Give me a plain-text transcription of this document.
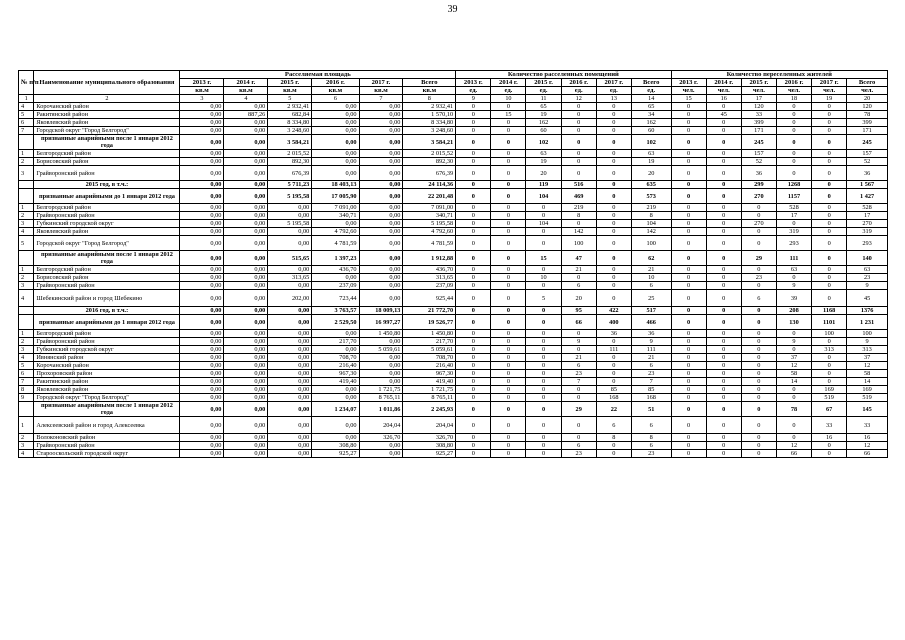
39
№ п/п	Наименование муниципального образования	Расселяемая площадь						Количество расселенных помещений						Количество переселенных жителей					
		2013 г.	2014 г.	2015 г.	2016 г.	2017 г.	Всего	2013 г.	2014 г.	2015 г.	2016 г.	2017 г.	Всего	2013 г.	2014 г.	2015 г.	2016 г.	2017 г.	Всего
		кв.м	кв.м	кв.м	кв.м	кв.м	кв.м	ед.	ед.	ед.	ед.	ед.	ед.	чел.	чел.	чел.	чел.	чел.	чел.
1	2	3	4	5	6	7	8	9	10	11	12	13	14	15	16	17	18	19	20
4	Корочанский район	0,00	0,00	2 932,41	0,00	0,00	2 932,41	0	0	65	0	0	65	0	0	120	0	0	120
5	Ракитянский район	0,00	887,26	682,84	0,00	0,00	1 570,10	0	15	19	0	0	34	0	45	33	0	0	78
6	Яковлевский район	0,00	0,00	8 334,80	0,00	0,00	8 334,80	0	0	162	0	0	162	0	0	399	0	0	399
7	Городской округ "Город Белгород"	0,00	0,00	3 248,60	0,00	0,00	3 248,60	0	0	60	0	0	60	0	0	171	0	0	171
	признанные аварийными после 1 января 2012 года	0,00	0,00	3 584,21	0,00	0,00	3 584,21	0	0	102	0	0	102	0	0	245	0	0	245
1	Белгородский район	0,00	0,00	2 015,52	0,00	0,00	2 015,52	0	0	63	0	0	63	0	0	157	0	0	157
2	Борисовский район	0,00	0,00	892,30	0,00	0,00	892,30	0	0	19	0	0	19	0	0	52	0	0	52
3	Грайворонский район	0,00	0,00	676,39	0,00	0,00	676,39	0	0	20	0	0	20	0	0	36	0	0	36
	2015 год, в т.ч.:	0,00	0,00	5 711,23	18 403,13	0,00	24 114,36	0	0	119	516	0	635	0	0	299	1268	0	1 567
	признанные аварийными до 1 января 2012 года	0,00	0,00	5 195,58	17 005,90	0,00	22 201,48	0	0	104	469	0	573	0	0	270	1157	0	1 427
1	Белгородский район	0,00	0,00	0,00	7 091,00	0,00	7 091,00	0	0	0	219	0	219	0	0	0	528	0	528
2	Грайворонский район	0,00	0,00	0,00	340,71	0,00	340,71	0	0	0	8	0	8	0	0	0	17	0	17
3	Губкинский городской округ	0,00	0,00	5 195,58	0,00	0,00	5 195,58	0	0	104	0	0	104	0	0	270	0	0	270
4	Яковлевский район	0,00	0,00	0,00	4 792,60	0,00	4 792,60	0	0	0	142	0	142	0	0	0	319	0	319
5	Городской округ "Город Белгород"	0,00	0,00	0,00	4 781,59	0,00	4 781,59	0	0	0	100	0	100	0	0	0	293	0	293
	признанные аварийными после 1 января 2012 года	0,00	0,00	515,65	1 397,23	0,00	1 912,88	0	0	15	47	0	62	0	0	29	111	0	140
1	Белгородский район	0,00	0,00	0,00	436,70	0,00	436,70	0	0	0	21	0	21	0	0	0	63	0	63
2	Борисовский район	0,00	0,00	313,65	0,00	0,00	313,65	0	0	10	0	0	10	0	0	23	0	0	23
3	Грайворонский район	0,00	0,00	0,00	237,09	0,00	237,09	0	0	0	6	0	6	0	0	0	9	0	9
4	Шебекинский район и город Шебекино	0,00	0,00	202,00	723,44	0,00	925,44	0	0	5	20	0	25	0	0	6	39	0	45
	2016 год, в т.ч.:	0,00	0,00	0,00	3 763,57	18 009,13	21 772,70	0	0	0	95	422	517	0	0	0	208	1168	1376
	признанные аварийными до 1 января 2012 года	0,00	0,00	0,00	2 529,50	16 997,27	19 526,77	0	0	0	66	400	466	0	0	0	130	1101	1 231
1	Белгородский район	0,00	0,00	0,00	0,00	1 450,80	1 450,80	0	0	0	0	36	36	0	0	0	0	100	100
2	Грайворонский район	0,00	0,00	0,00	217,70	0,00	217,70	0	0	0	9	0	9	0	0	0	9	0	9
3	Губкинский городской округ	0,00	0,00	0,00	0,00	5 059,61	5 059,61	0	0	0	0	111	111	0	0	0	0	313	313
4	Ивнянский район	0,00	0,00	0,00	708,70	0,00	708,70	0	0	0	21	0	21	0	0	0	37	0	37
5	Корочанский район	0,00	0,00	0,00	216,40	0,00	216,40	0	0	0	6	0	6	0	0	0	12	0	12
6	Прохоровский район	0,00	0,00	0,00	967,30	0,00	967,30	0	0	0	23	0	23	0	0	0	58	0	58
7	Ракитянский район	0,00	0,00	0,00	419,40	0,00	419,40	0	0	0	7	0	7	0	0	0	14	0	14
8	Яковлевский район	0,00	0,00	0,00	0,00	1 721,75	1 721,75	0	0	0	0	85	85	0	0	0	0	169	169
9	Городской округ "Город Белгород"	0,00	0,00	0,00	0,00	8 765,11	8 765,11	0	0	0	0	168	168	0	0	0	0	519	519
	признанные аварийными после 1 января 2012 года	0,00	0,00	0,00	1 234,07	1 011,86	2 245,93	0	0	0	29	22	51	0	0	0	78	67	145
1	Алексеевский район и город Алексеевка	0,00	0,00	0,00	0,00	204,04	204,04	0	0	0	0	6	6	0	0	0	0	33	33
2	Волоконовский район	0,00	0,00	0,00	0,00	326,70	326,70	0	0	0	0	8	8	0	0	0	0	16	16
3	Грайворонский район	0,00	0,00	0,00	308,80	0,00	308,80	0	0	0	6	0	6	0	0	0	12	0	12
4	Старооскольский городской округ	0,00	0,00	0,00	925,27	0,00	925,27	0	0	0	23	0	23	0	0	0	66	0	66
